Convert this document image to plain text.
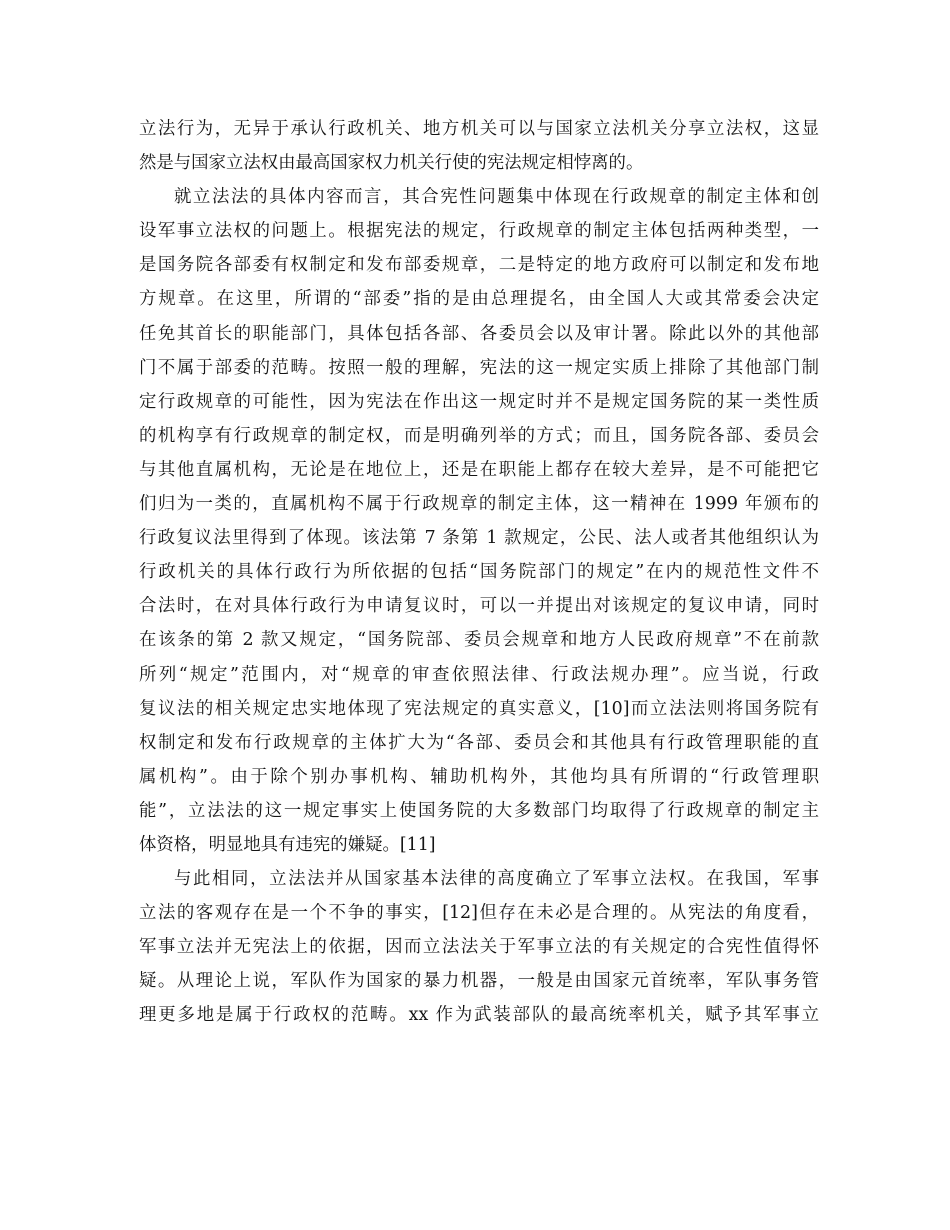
立法行为，无异于承认行政机关、地方机关可以与国家立法机关分享立法权，这显
然是与国家立法权由最高国家权力机关行使的宪法规定相悖离的。
就立法法的具体内容而言，其合宪性问题集中体现在行政规章的制定主体和创
设军事立法权的问题上。根据宪法的规定，行政规章的制定主体包括两种类型，一
是国务院各部委有权制定和发布部委规章，二是特定的地方政府可以制定和发布地
方规章。在这里，所谓的“部委”指的是由总理提名，由全国人大或其常委会决定
任免其首长的职能部门，具体包括各部、各委员会以及审计署。除此以外的其他部
门不属于部委的范畴。按照一般的理解，宪法的这一规定实质上排除了其他部门制
定行政规章的可能性，因为宪法在作出这一规定时并不是规定国务院的某一类性质
的机构享有行政规章的制定权，而是明确列举的方式；而且，国务院各部、委员会
与其他直属机构，无论是在地位上，还是在职能上都存在较大差异，是不可能把它
们归为一类的，直属机构不属于行政规章的制定主体，这一精神在 1999 年颁布的
行政复议法里得到了体现。该法第 7 条第 1 款规定，公民、法人或者其他组织认为
行政机关的具体行政行为所依据的包括“国务院部门的规定”在内的规范性文件不
合法时，在对具体行政行为申请复议时，可以一并提出对该规定的复议申请，同时
在该条的第 2 款又规定，“国务院部、委员会规章和地方人民政府规章”不在前款
所列“规定”范围内，对“规章的审查依照法律、行政法规办理”。应当说，行政
复议法的相关规定忠实地体现了宪法规定的真实意义，[10]而立法法则将国务院有
权制定和发布行政规章的主体扩大为“各部、委员会和其他具有行政管理职能的直
属机构”。由于除个别办事机构、辅助机构外，其他均具有所谓的“行政管理职
能”，立法法的这一规定事实上使国务院的大多数部门均取得了行政规章的制定主
体资格，明显地具有违宪的嫌疑。[11]
与此相同，立法法并从国家基本法律的高度确立了军事立法权。在我国，军事
立法的客观存在是一个不争的事实，[12]但存在未必是合理的。从宪法的角度看，
军事立法并无宪法上的依据，因而立法法关于军事立法的有关规定的合宪性值得怀
疑。从理论上说，军队作为国家的暴力机器，一般是由国家元首统率，军队事务管
理更多地是属于行政权的范畴。xx 作为武装部队的最高统率机关，赋予其军事立
